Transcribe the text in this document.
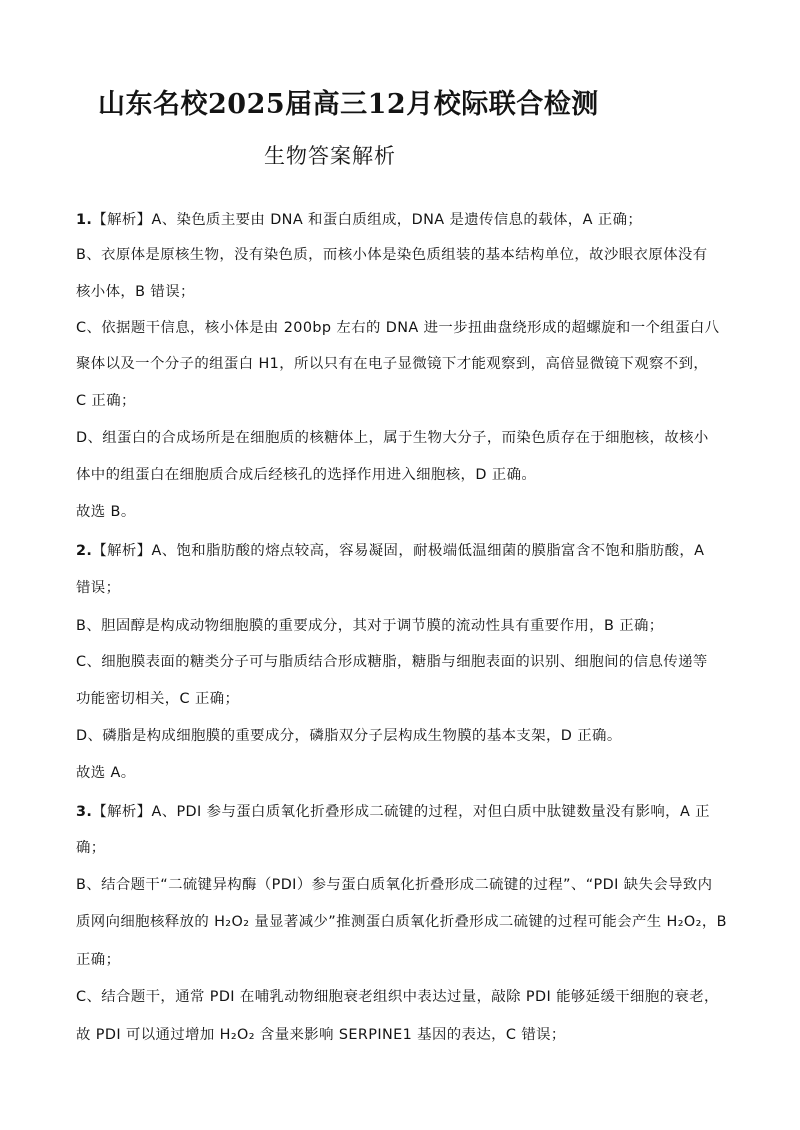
山东名校2025届高三12月校际联合检测
生物答案解析
1.【解析】A、染色质主要由 DNA 和蛋白质组成，DNA 是遗传信息的载体，A 正确；
B、衣原体是原核生物，没有染色质，而核小体是染色质组装的基本结构单位，故沙眼衣原体没有
核小体，B 错误；
C、依据题干信息，核小体是由 200bp 左右的 DNA 进一步扭曲盘绕形成的超螺旋和一个组蛋白八
聚体以及一个分子的组蛋白 H1，所以只有在电子显微镜下才能观察到，高倍显微镜下观察不到，
C 正确；
D、组蛋白的合成场所是在细胞质的核糖体上，属于生物大分子，而染色质存在于细胞核，故核小
体中的组蛋白在细胞质合成后经核孔的选择作用进入细胞核，D 正确。
故选 B。
2.【解析】A、饱和脂肪酸的熔点较高，容易凝固，耐极端低温细菌的膜脂富含不饱和脂肪酸，A
错误；
B、胆固醇是构成动物细胞膜的重要成分，其对于调节膜的流动性具有重要作用，B 正确；
C、细胞膜表面的糖类分子可与脂质结合形成糖脂，糖脂与细胞表面的识别、细胞间的信息传递等
功能密切相关，C 正确；
D、磷脂是构成细胞膜的重要成分，磷脂双分子层构成生物膜的基本支架，D 正确。
故选 A。
3.【解析】A、PDI 参与蛋白质氧化折叠形成二硫键的过程，对但白质中肽键数量没有影响，A 正
确；
B、结合题干“二硫键异构酶（PDI）参与蛋白质氧化折叠形成二硫键的过程”、“PDI 缺失会导致内
质网向细胞核释放的 H₂O₂ 量显著减少”推测蛋白质氧化折叠形成二硫键的过程可能会产生 H₂O₂，B
正确；
C、结合题干，通常 PDI 在哺乳动物细胞衰老组织中表达过量，敲除 PDI 能够延缓干细胞的衰老，
故 PDI 可以通过增加 H₂O₂ 含量来影响 SERPINE1 基因的表达，C 错误；
